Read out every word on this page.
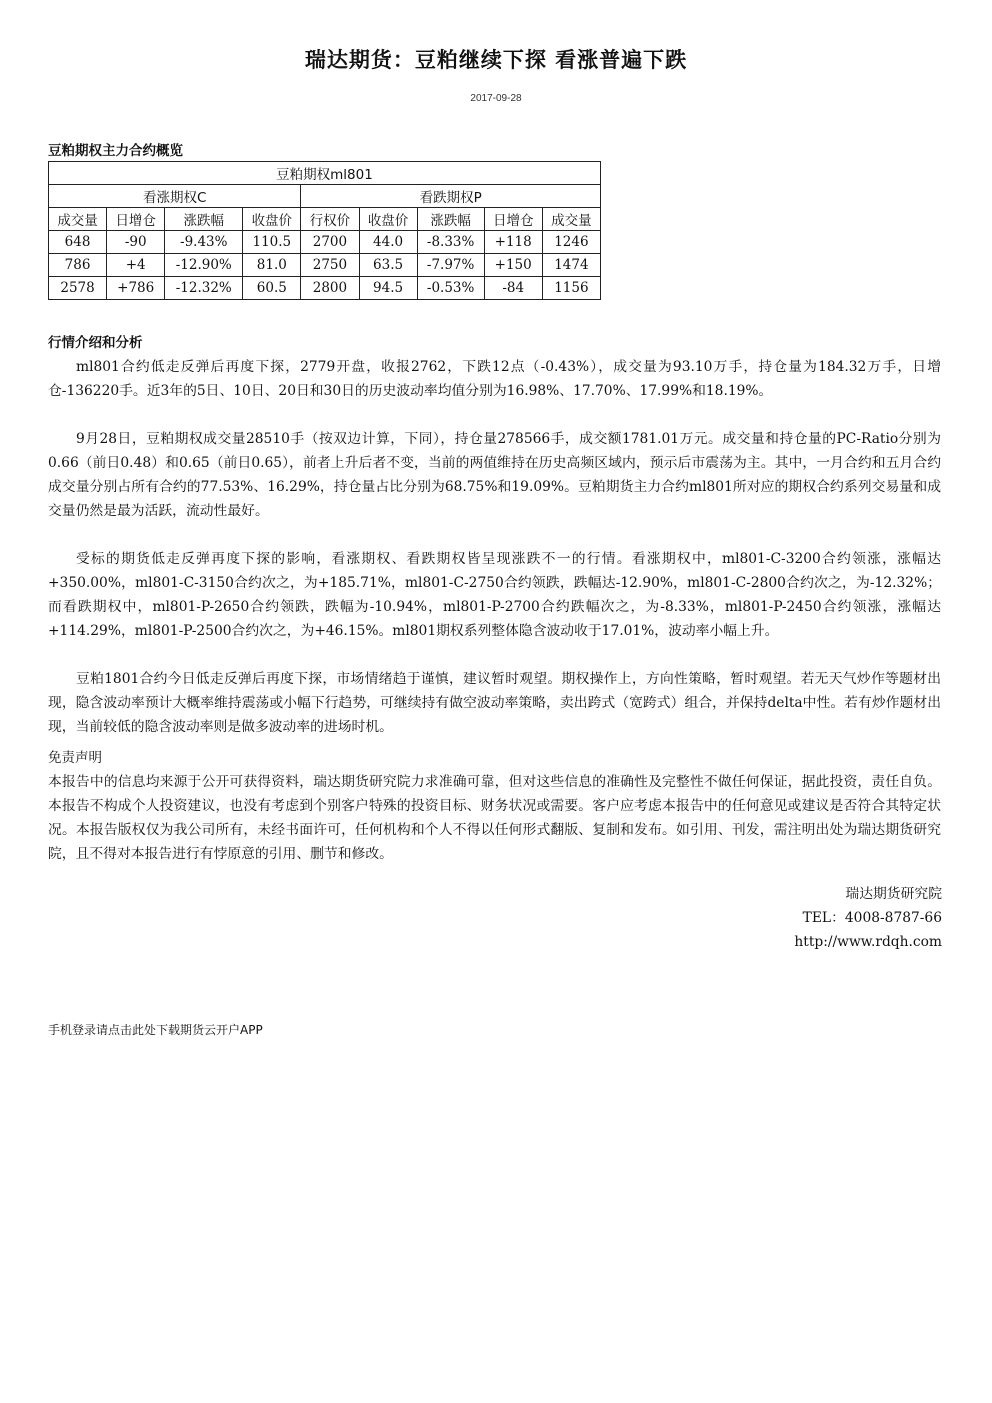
瑞达期货：豆粕继续下探 看涨普遍下跌
2017-09-28
豆粕期权主力合约概览
豆粕期权ml801								
看涨期权C				看跌期权P				
成交量	日增仓	涨跌幅	收盘价	行权价	收盘价	涨跌幅	日增仓	成交量
648	-90	-9.43%	110.5	2700	44.0	-8.33%	+118	1246
786	+4	-12.90%	81.0	2750	63.5	-7.97%	+150	1474
2578	+786	-12.32%	60.5	2800	94.5	-0.53%	-84	1156
行情介绍和分析

ml801合约低走反弹后再度下探，2779开盘，收报2762，下跌12点（-0.43%），成交量为93.10万手，持仓量为184.32万手，日增仓-136220手。近3年的5日、10日、20日和30日的历史波动率均值分别为16.98%、17.70%、17.99%和18.19%。

9月28日，豆粕期权成交量28510手（按双边计算，下同），持仓量278566手，成交额1781.01万元。成交量和持仓量的PC-Ratio分别为0.66（前日0.48）和0.65（前日0.65），前者上升后者不变，当前的两值维持在历史高频区域内，预示后市震荡为主。其中，一月合约和五月合约成交量分别占所有合约的77.53%、16.29%，持仓量占比分别为68.75%和19.09%。豆粕期货主力合约ml801所对应的期权合约系列交易量和成交量仍然是最为活跃，流动性最好。

受标的期货低走反弹再度下探的影响，看涨期权、看跌期权皆呈现涨跌不一的行情。看涨期权中，ml801-C-3200合约领涨，涨幅达+350.00%，ml801-C-3150合约次之，为+185.71%，ml801-C-2750合约领跌，跌幅达-12.90%，ml801-C-2800合约次之，为-12.32%；而看跌期权中，ml801-P-2650合约领跌，跌幅为-10.94%，ml801-P-2700合约跌幅次之，为-8.33%，ml801-P-2450合约领涨，涨幅达+114.29%，ml801-P-2500合约次之，为+46.15%。ml801期权系列整体隐含波动收于17.01%，波动率小幅上升。

豆粕1801合约今日低走反弹后再度下探，市场情绪趋于谨慎，建议暂时观望。期权操作上，方向性策略，暂时观望。若无天气炒作等题材出现，隐含波动率预计大概率维持震荡或小幅下行趋势，可继续持有做空波动率策略，卖出跨式（宽跨式）组合，并保持delta中性。若有炒作题材出现，当前较低的隐含波动率则是做多波动率的进场时机。

免责声明
本报告中的信息均来源于公开可获得资料，瑞达期货研究院力求准确可靠，但对这些信息的准确性及完整性不做任何保证，据此投资，责任自负。本报告不构成个人投资建议，也没有考虑到个别客户特殊的投资目标、财务状况或需要。客户应考虑本报告中的任何意见或建议是否符合其特定状况。本报告版权仅为我公司所有，未经书面许可，任何机构和个人不得以任何形式翻版、复制和发布。如引用、刊发，需注明出处为瑞达期货研究院，且不得对本报告进行有悖原意的引用、删节和修改。
瑞达期货研究院
TEL：4008-8787-66
http://www.rdqh.com
手机登录请点击此处下载期货云开户APP
